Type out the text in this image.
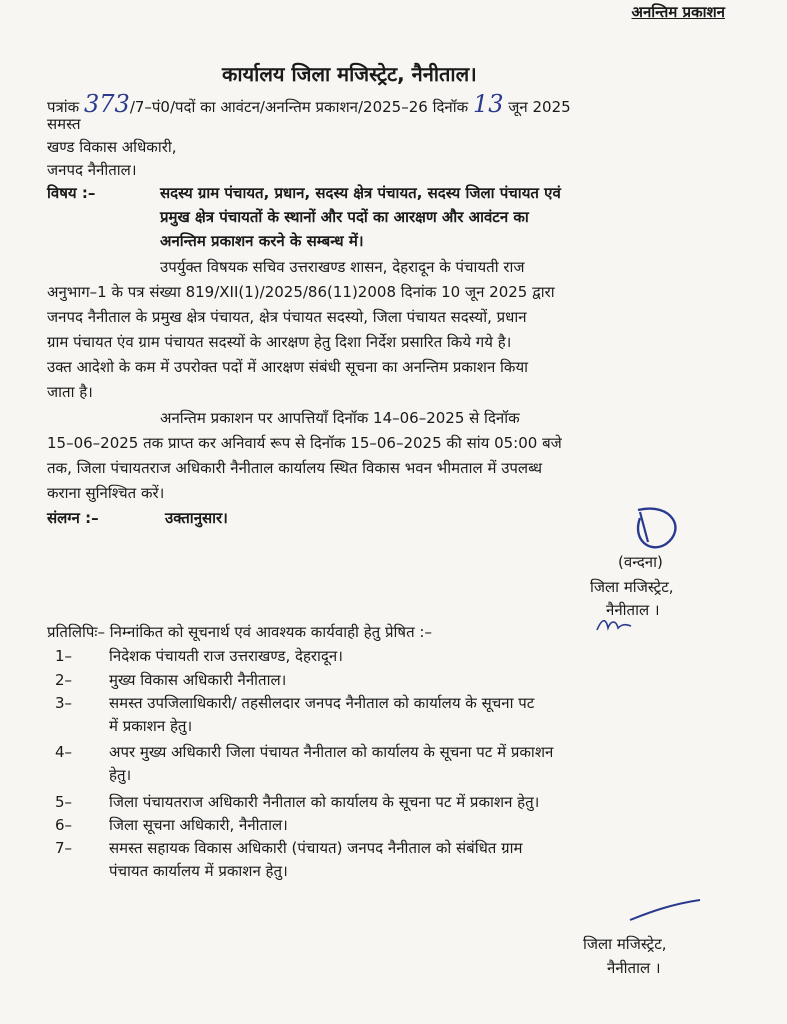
अनन्तिम प्रकाशन
कार्यालय जिला मजिस्ट्रेट, नैनीताल।
पत्रांक 373/7–पं0/पदों का आवंटन/अनन्तिम प्रकाशन/2025–26 दिनॉक 13 जून 2025
समस्त
खण्ड विकास अधिकारी,
जनपद नैनीताल।
विषय :–	सदस्य ग्राम पंचायत, प्रधान, सदस्य क्षेत्र पंचायत, सदस्य जिला पंचायत एवं
प्रमुख क्षेत्र पंचायतों के स्थानों और पदों का आरक्षण और आवंटन का
अनन्तिम प्रकाशन करने के सम्बन्ध में।
उपर्युक्त विषयक सचिव उत्तराखण्ड शासन, देहरादून के पंचायती राज
अनुभाग–1 के पत्र संख्या 819/XII(1)/2025/86(11)2008 दिनांक 10 जून 2025 द्वारा
जनपद नैनीताल के प्रमुख क्षेत्र पंचायत, क्षेत्र पंचायत सदस्यो, जिला पंचायत सदस्यों, प्रधान
ग्राम पंचायत एंव ग्राम पंचायत सदस्यों के आरक्षण हेतु दिशा निर्देश प्रसारित किये गये है।
उक्त आदेशो के कम में उपरोक्त पदों में आरक्षण संबंधी सूचना का अनन्तिम प्रकाशन किया
जाता है।
अनन्तिम प्रकाशन पर आपत्तियॉं दिनॉक 14–06–2025 से दिनॉक
15–06–2025 तक प्राप्त कर अनिवार्य रूप से दिनॉक 15–06–2025 की सांय 05:00 बजे
तक, जिला पंचायतराज अधिकारी नैनीताल कार्यालय स्थित विकास भवन भीमताल में उपलब्ध
कराना सुनिश्चित करें।
संलग्न :–	उक्तानुसार।
(वन्दना)
जिला मजिस्ट्रेट,
नैनीताल ।
प्रतिलिपिः– निम्नांकित को सूचनार्थ एवं आवश्यक कार्यवाही हेतु प्रेषित :–
1– निदेशक पंचायती राज उत्तराखण्ड, देहरादून।
2– मुख्य विकास अधिकारी नैनीताल।
3– समस्त उपजिलाधिकारी/ तहसीलदार जनपद नैनीताल को कार्यालय के सूचना पट
में प्रकाशन हेतु।
4– अपर मुख्य अधिकारी जिला पंचायत नैनीताल को कार्यालय के सूचना पट में प्रकाशन
हेतु।
5– जिला पंचायतराज अधिकारी नैनीताल को कार्यालय के सूचना पट में प्रकाशन हेतु।
6– जिला सूचना अधिकारी, नैनीताल।
7– समस्त सहायक विकास अधिकारी (पंचायत) जनपद नैनीताल को संबंधित ग्राम
पंचायत कार्यालय में प्रकाशन हेतु।
जिला मजिस्ट्रेट,
नैनीताल ।
